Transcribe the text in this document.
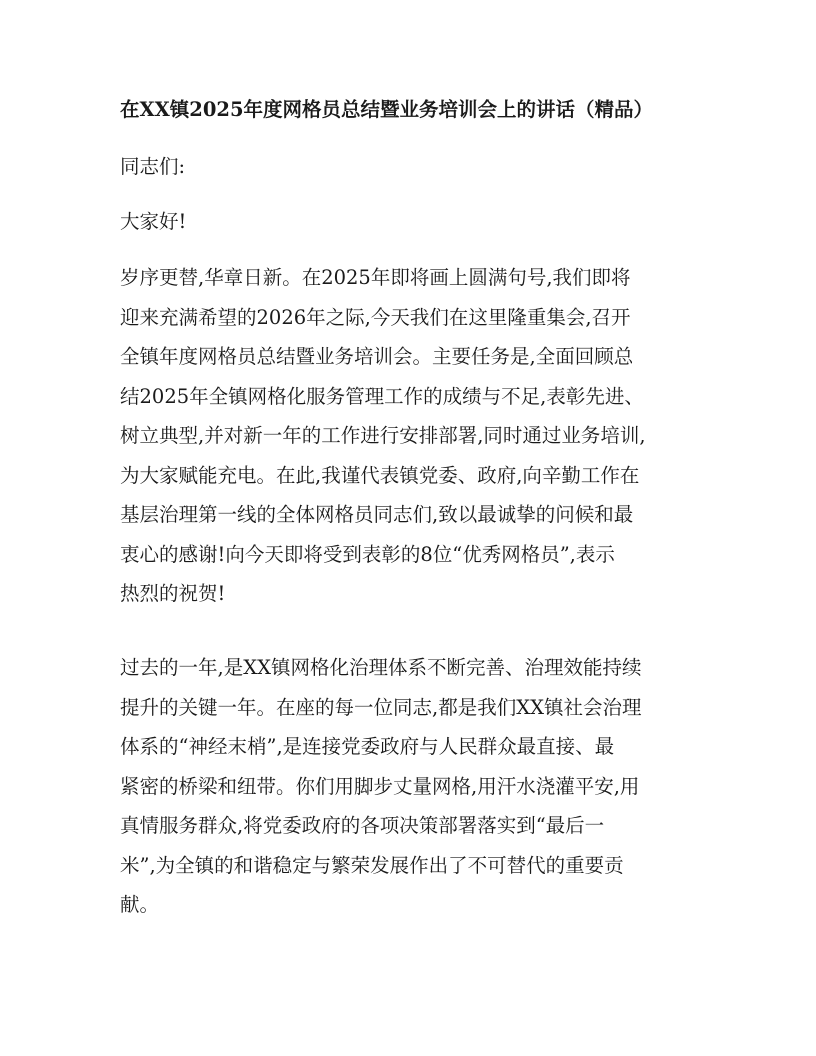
在XX镇2025年度网格员总结暨业务培训会上的讲话（精品）
同志们:
大家好!
岁序更替,华章日新。在2025年即将画上圆满句号,我们即将
迎来充满希望的2026年之际,今天我们在这里隆重集会,召开
全镇年度网格员总结暨业务培训会。主要任务是,全面回顾总
结2025年全镇网格化服务管理工作的成绩与不足,表彰先进、
树立典型,并对新一年的工作进行安排部署,同时通过业务培训,
为大家赋能充电。在此,我谨代表镇党委、政府,向辛勤工作在
基层治理第一线的全体网格员同志们,致以最诚挚的问候和最
衷心的感谢!向今天即将受到表彰的8位“优秀网格员”,表示
热烈的祝贺!
过去的一年,是XX镇网格化治理体系不断完善、治理效能持续
提升的关键一年。在座的每一位同志,都是我们XX镇社会治理
体系的“神经末梢”,是连接党委政府与人民群众最直接、最
紧密的桥梁和纽带。你们用脚步丈量网格,用汗水浇灌平安,用
真情服务群众,将党委政府的各项决策部署落实到“最后一
米”,为全镇的和谐稳定与繁荣发展作出了不可替代的重要贡
献。
